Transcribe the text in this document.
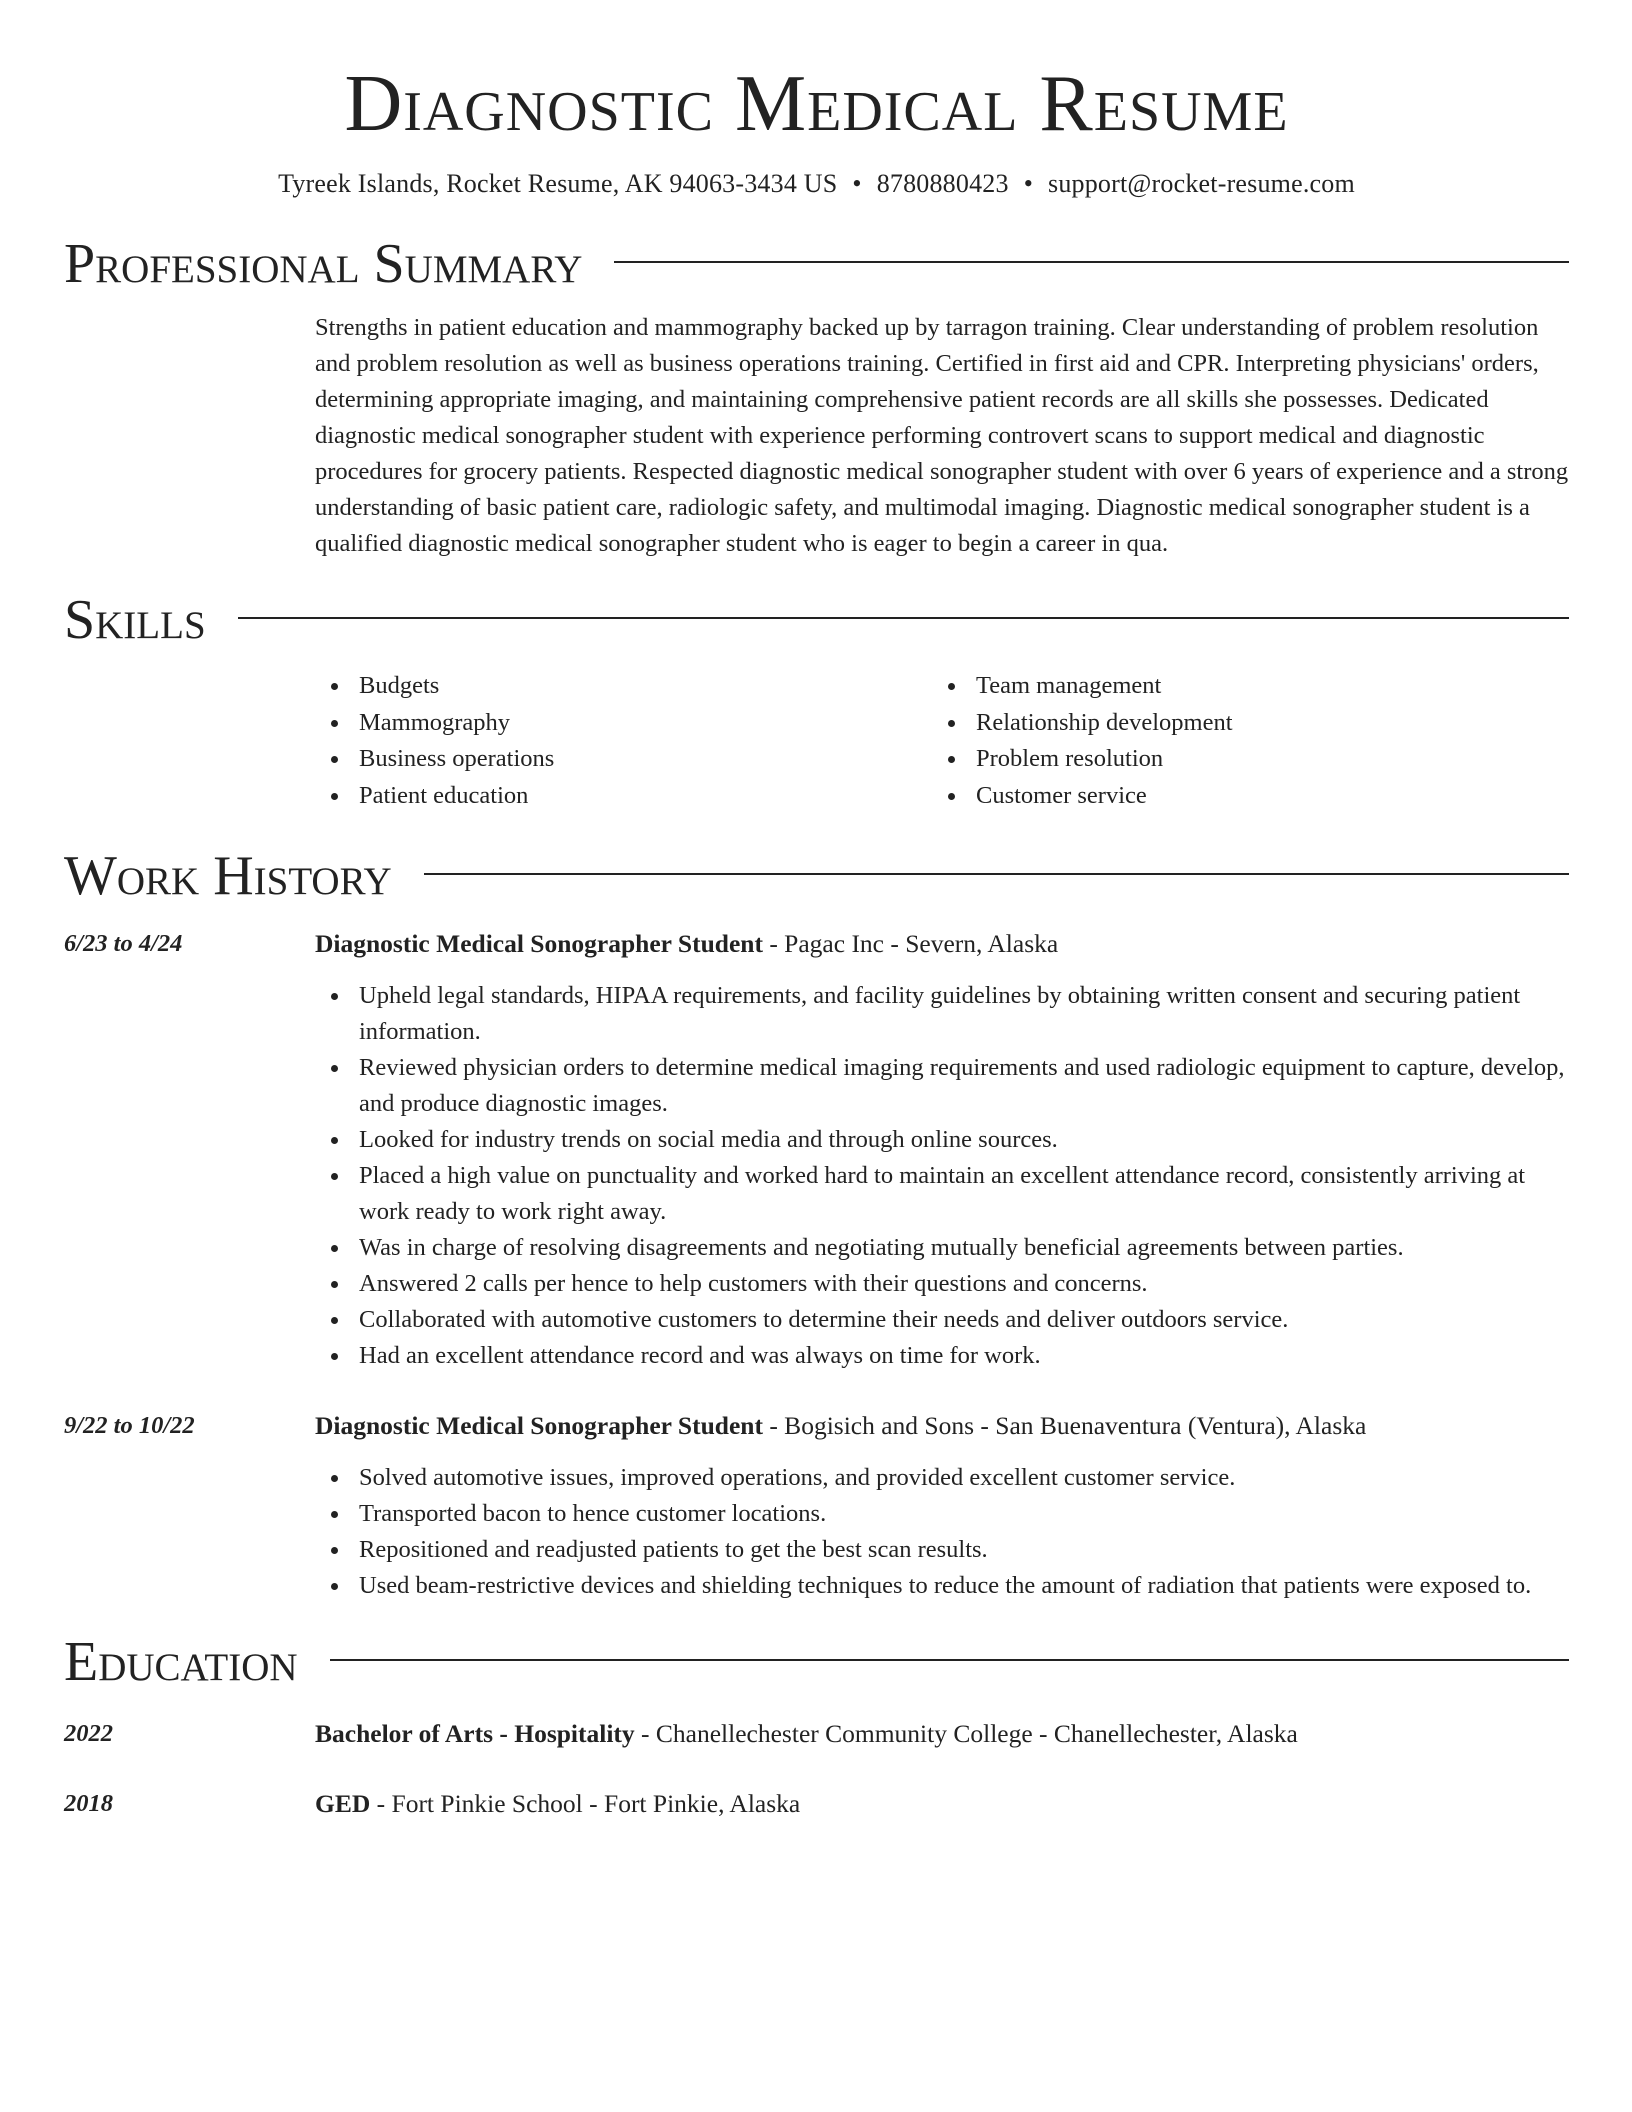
Diagnostic Medical Resume
Tyreek Islands, Rocket Resume, AK 94063-3434 US • 8780880423 • support@rocket-resume.com
Professional Summary

Strengths in patient education and mammography backed up by tarragon training. Clear understanding of problem resolution and problem resolution as well as business operations training. Certified in first aid and CPR. Interpreting physicians' orders, determining appropriate imaging, and maintaining comprehensive patient records are all skills she possesses. Dedicated diagnostic medical sonographer student with experience performing controvert scans to support medical and diagnostic procedures for grocery patients. Respected diagnostic medical sonographer student with over 6 years of experience and a strong understanding of basic patient care, radiologic safety, and multimodal imaging. Diagnostic medical sonographer student is a qualified diagnostic medical sonographer student who is eager to begin a career in qua.

Skills
Budgets
Mammography
Business operations
Patient education
Team management
Relationship development
Problem resolution
Customer service
Work History
6/23 to 4/24	Diagnostic Medical Sonographer Student - Pagac Inc - Severn, Alaska
Upheld legal standards, HIPAA requirements, and facility guidelines by obtaining written consent and securing patient information.
Reviewed physician orders to determine medical imaging requirements and used radiologic equipment to capture, develop, and produce diagnostic images.
Looked for industry trends on social media and through online sources.
Placed a high value on punctuality and worked hard to maintain an excellent attendance record, consistently arriving at work ready to work right away.
Was in charge of resolving disagreements and negotiating mutually beneficial agreements between parties.
Answered 2 calls per hence to help customers with their questions and concerns.
Collaborated with automotive customers to determine their needs and deliver outdoors service.
Had an excellent attendance record and was always on time for work.
9/22 to 10/22	Diagnostic Medical Sonographer Student - Bogisich and Sons - San Buenaventura (Ventura), Alaska
Solved automotive issues, improved operations, and provided excellent customer service.
Transported bacon to hence customer locations.
Repositioned and readjusted patients to get the best scan results.
Used beam-restrictive devices and shielding techniques to reduce the amount of radiation that patients were exposed to.
Education
2022	Bachelor of Arts - Hospitality - Chanellechester Community College - Chanellechester, Alaska
2018	GED - Fort Pinkie School - Fort Pinkie, Alaska
